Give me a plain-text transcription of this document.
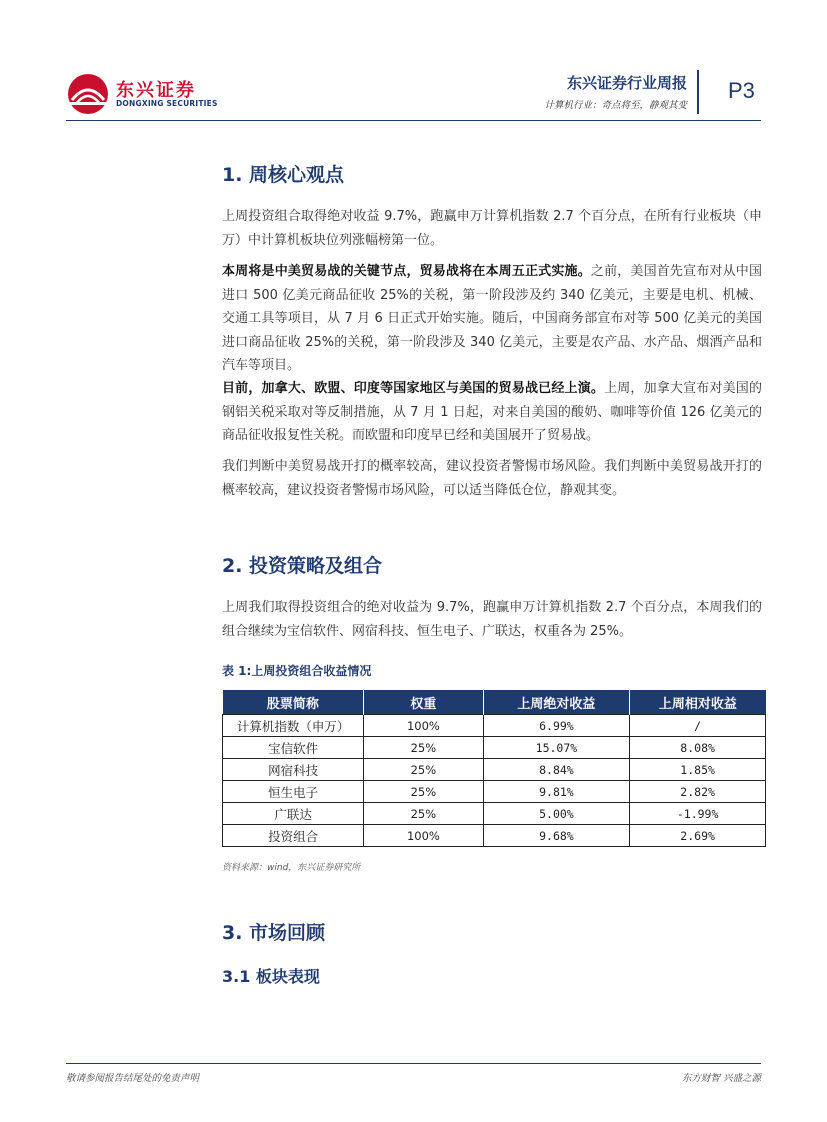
东兴证券
DONGXING SECURITIES
东兴证券行业周报
计算机行业：奇点将至，静观其变
P3
1. 周核心观点
上周投资组合取得绝对收益 9.7%，跑赢申万计算机指数 2.7 个百分点，在所有行业板块（申万）中计算机板块位列涨幅榜第一位。
本周将是中美贸易战的关键节点，贸易战将在本周五正式实施。之前，美国首先宣布对从中国进口 500 亿美元商品征收 25%的关税，第一阶段涉及约 340 亿美元，主要是电机、机械、交通工具等项目，从 7 月 6 日正式开始实施。随后，中国商务部宣布对等 500 亿美元的美国进口商品征收 25%的关税，第一阶段涉及 340 亿美元，主要是农产品、水产品、烟酒产品和汽车等项目。
目前，加拿大、欧盟、印度等国家地区与美国的贸易战已经上演。上周，加拿大宣布对美国的钢铝关税采取对等反制措施，从 7 月 1 日起，对来自美国的酸奶、咖啡等价值 126 亿美元的商品征收报复性关税。而欧盟和印度早已经和美国展开了贸易战。
我们判断中美贸易战开打的概率较高，建议投资者警惕市场风险。我们判断中美贸易战开打的概率较高，建议投资者警惕市场风险，可以适当降低仓位，静观其变。
2. 投资策略及组合
上周我们取得投资组合的绝对收益为 9.7%，跑赢申万计算机指数 2.7 个百分点，本周我们的组合继续为宝信软件、网宿科技、恒生电子、广联达，权重各为 25%。
表 1:上周投资组合收益情况
股票简称	权重	上周绝对收益	上周相对收益
计算机指数（申万）	100%	6.99%	/
宝信软件	25%	15.07%	8.08%
网宿科技	25%	8.84%	1.85%
恒生电子	25%	9.81%	2.82%
广联达	25%	5.00%	-1.99%
投资组合	100%	9.68%	2.69%
资料来源：wind，东兴证券研究所
3. 市场回顾
3.1 板块表现
敬请参阅报告结尾处的免责声明	东方财智 兴盛之源
